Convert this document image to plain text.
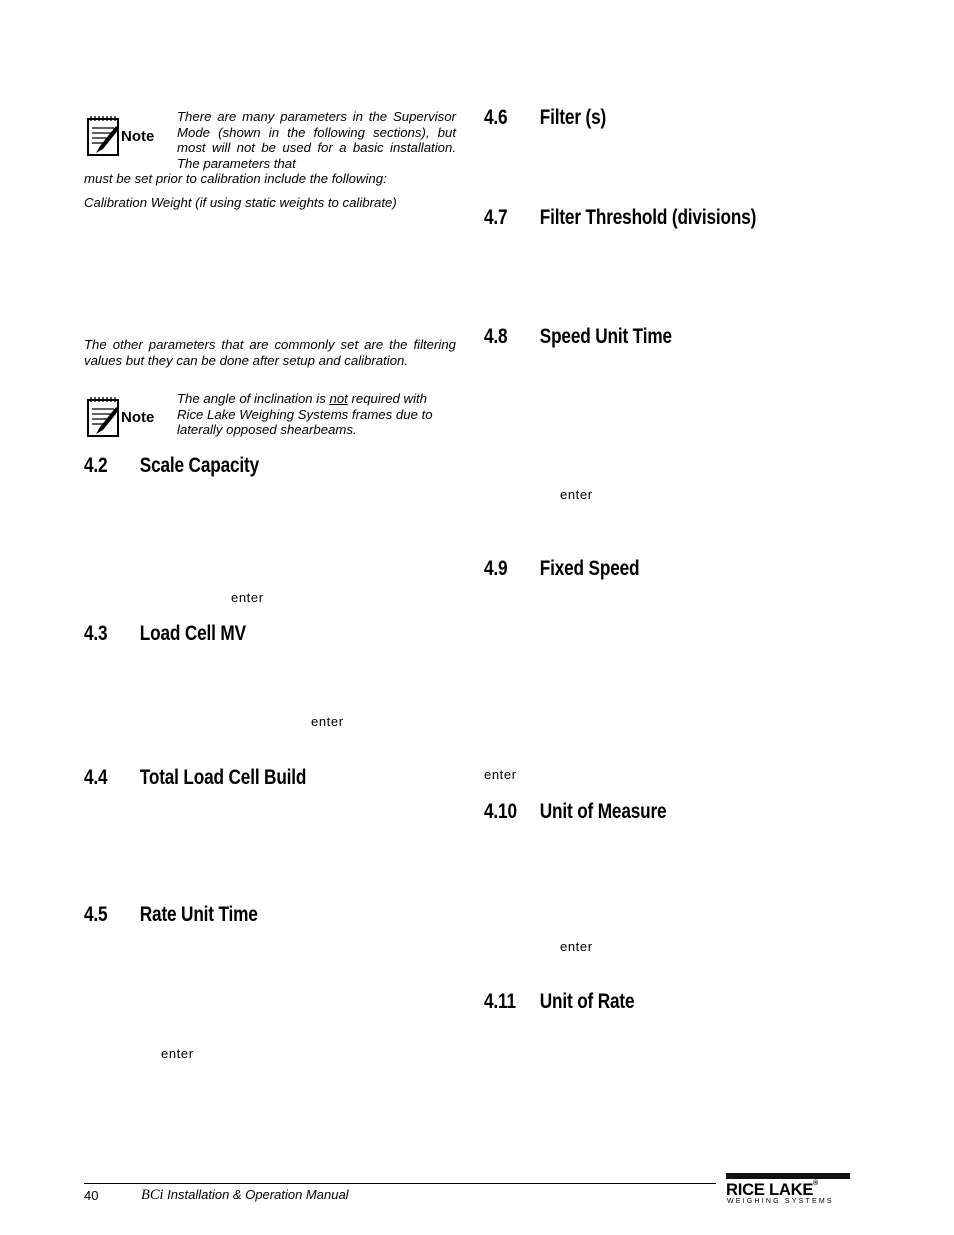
Note
There are many parameters in the Supervisor Mode (shown in the following sections), but most will not be used for a basic installation. The parameters that
must be set prior to calibration include the following:
Calibration Weight (if using static weights to calibrate)
The other parameters that are commonly set are the filtering values but they can be done after setup and calibration.
Note
The angle of inclination is not required with Rice Lake Weighing Systems frames due to laterally opposed shearbeams.
4.2	Scale Capacity
enter
4.3	Load Cell MV
enter
4.4	Total Load Cell Build
4.5	Rate Unit Time
enter
4.6	Filter (s)
4.7	Filter Threshold (divisions)
4.8	Speed Unit Time
enter
4.9	Fixed Speed
enter
4.10	Unit of Measure
enter
4.11	Unit of Rate
40	BCi Installation & Operation Manual	RICE LAKE®
WEIGHING SYSTEMS
